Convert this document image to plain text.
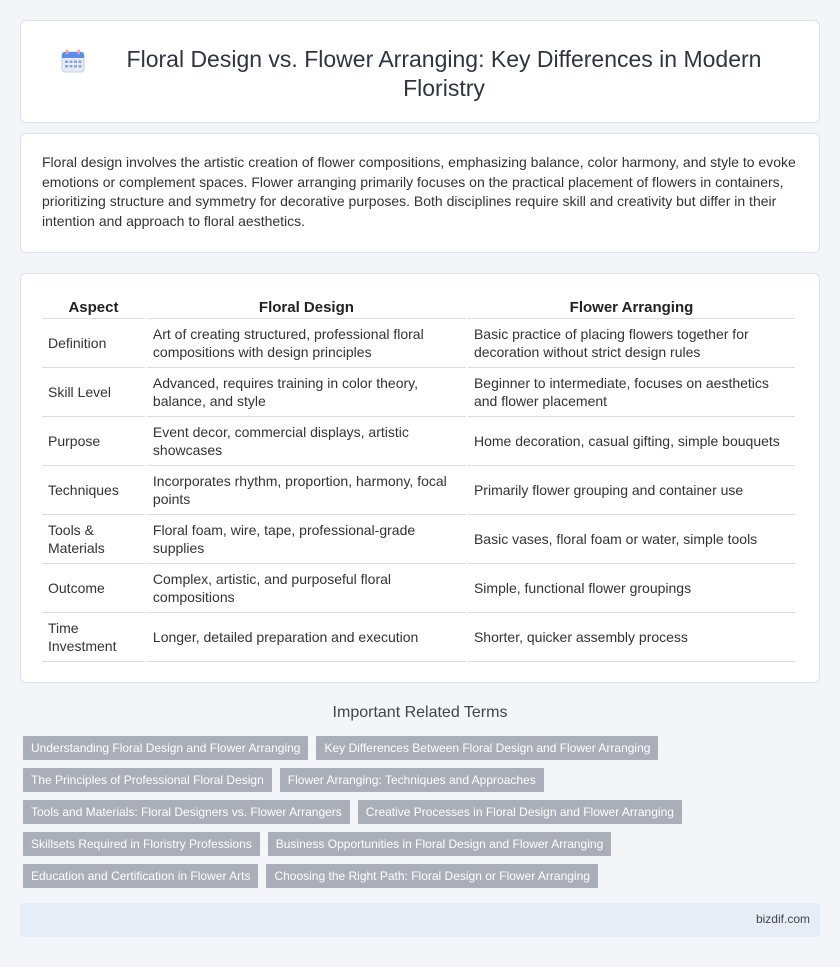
Floral Design vs. Flower Arranging: Key Differences in Modern Floristry

Floral design involves the artistic creation of flower compositions, emphasizing balance, color harmony, and style to evoke emotions or complement spaces. Flower arranging primarily focuses on the practical placement of flowers in containers, prioritizing structure and symmetry for decorative purposes. Both disciplines require skill and creativity but differ in their intention and approach to floral aesthetics.

Aspect	Floral Design	Flower Arranging
Definition	Art of creating structured, professional floral compositions with design principles	Basic practice of placing flowers together for decoration without strict design rules
Skill Level	Advanced, requires training in color theory, balance, and style	Beginner to intermediate, focuses on aesthetics and flower placement
Purpose	Event decor, commercial displays, artistic showcases	Home decoration, casual gifting, simple bouquets
Techniques	Incorporates rhythm, proportion, harmony, focal points	Primarily flower grouping and container use
Tools & Materials	Floral foam, wire, tape, professional-grade supplies	Basic vases, floral foam or water, simple tools
Outcome	Complex, artistic, and purposeful floral compositions	Simple, functional flower groupings
Time Investment	Longer, detailed preparation and execution	Shorter, quicker assembly process
Important Related Terms
Understanding Floral Design and Flower Arranging	Key Differences Between Floral Design and Flower Arranging
The Principles of Professional Floral Design	Flower Arranging: Techniques and Approaches
Tools and Materials: Floral Designers vs. Flower Arrangers	Creative Processes in Floral Design and Flower Arranging
Skillsets Required in Floristry Professions	Business Opportunities in Floral Design and Flower Arranging
Education and Certification in Flower Arts	Choosing the Right Path: Floral Design or Flower Arranging
bizdif.com
